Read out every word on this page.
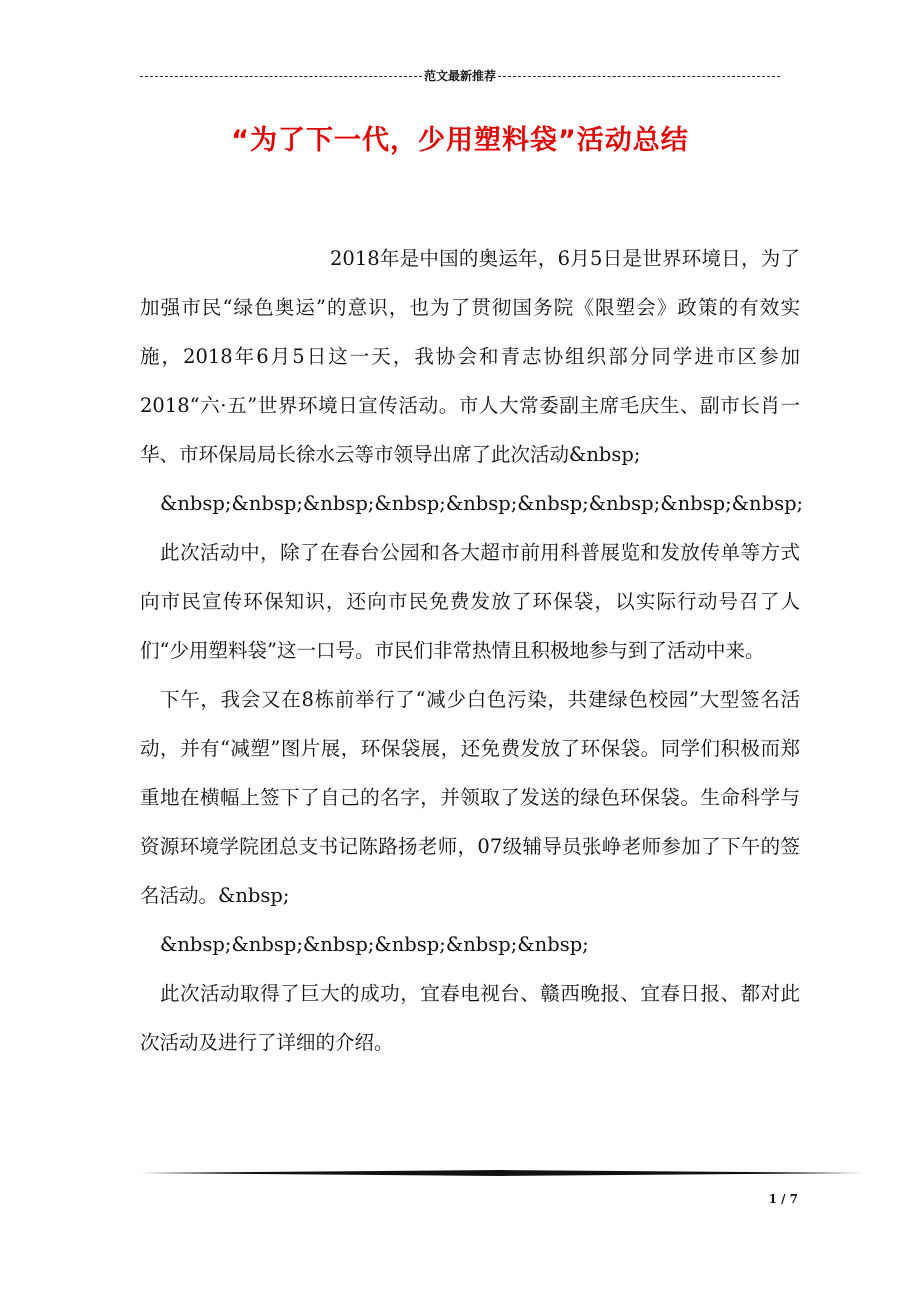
范文最新推荐
“为了下一代，少用塑料袋”活动总结

2018年是中国的奥运年，6月5日是世界环境日，为了加强市民“绿色奥运”的意识，也为了贯彻国务院《限塑会》政策的有效实施，2018年6月5日这一天，我协会和青志协组织部分同学进市区参加2018“六·五”世界环境日宣传活动。市人大常委副主席毛庆生、副市长肖一华、市环保局局长徐水云等市领导出席了此次活动&nbsp;

&nbsp;&nbsp;&nbsp;&nbsp;&nbsp;&nbsp;&nbsp;&nbsp;&nbsp;

此次活动中，除了在春台公园和各大超市前用科普展览和发放传单等方式向市民宣传环保知识，还向市民免费发放了环保袋，以实际行动号召了人们“少用塑料袋”这一口号。市民们非常热情且积极地参与到了活动中来。

下午，我会又在8栋前举行了“减少白色污染，共建绿色校园”大型签名活动，并有“减塑”图片展，环保袋展，还免费发放了环保袋。同学们积极而郑重地在横幅上签下了自己的名字，并领取了发送的绿色环保袋。生命科学与资源环境学院团总支书记陈路扬老师，07级辅导员张峥老师参加了下午的签名活动。&nbsp;

&nbsp;&nbsp;&nbsp;&nbsp;&nbsp;&nbsp;

此次活动取得了巨大的成功，宜春电视台、赣西晚报、宜春日报、都对此次活动及进行了详细的介绍。

1 / 7
